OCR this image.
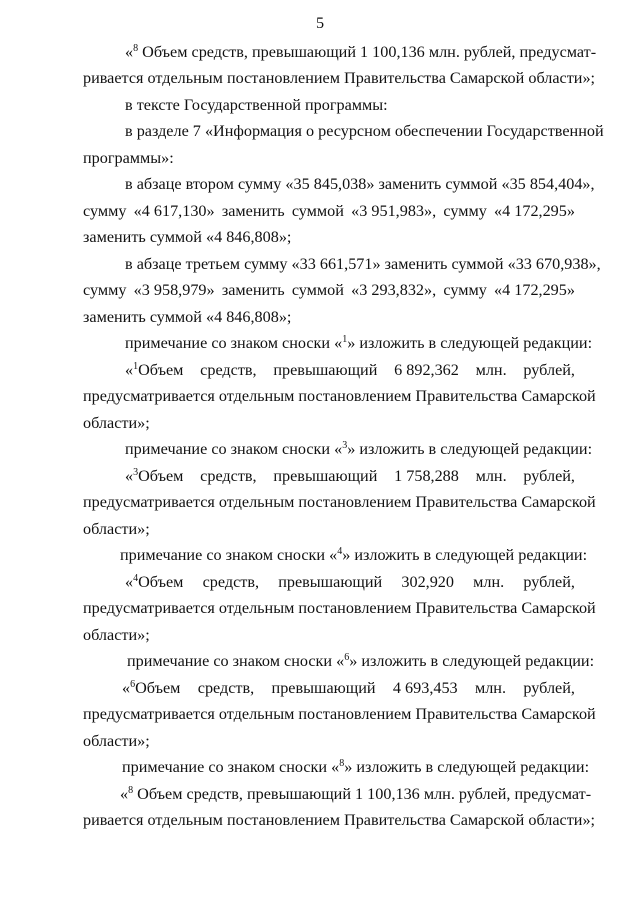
5
«$^8$ Объем средств, превышающий 1 100,136 млн. рублей, предусмат-
ривается отдельным постановлением Правительства Самарской области»;
в тексте Государственной программы:
в разделе 7 «Информация о ресурсном обеспечении Государственной
программы»:
в абзаце втором сумму «35 845,038» заменить суммой «35 854,404»,
сумму «4 617,130» заменить суммой «3 951,983», сумму «4 172,295»
заменить суммой «4 846,808»;
в абзаце третьем сумму «33 661,571» заменить суммой «33 670,938»,
сумму «3 958,979» заменить суммой «3 293,832», сумму «4 172,295»
заменить суммой «4 846,808»;
примечание со знаком сноски «$^1$» изложить в следующей редакции:
«$^1$Объем средств, превышающий 6 892,362 млн. рублей,
предусматривается отдельным постановлением Правительства Самарской
области»;
примечание со знаком сноски «$^3$» изложить в следующей редакции:
«$^3$Объем средств, превышающий 1 758,288 млн. рублей,
предусматривается отдельным постановлением Правительства Самарской
области»;
примечание со знаком сноски «$^4$» изложить в следующей редакции:
«$^4$Объем средств, превышающий 302,920 млн. рублей,
предусматривается отдельным постановлением Правительства Самарской
области»;
примечание со знаком сноски «$^6$» изложить в следующей редакции:
«$^6$Объем средств, превышающий 4 693,453 млн. рублей,
предусматривается отдельным постановлением Правительства Самарской
области»;
примечание со знаком сноски «$^8$» изложить в следующей редакции:
«$^8$ Объем средств, превышающий 1 100,136 млн. рублей, предусмат-
ривается отдельным постановлением Правительства Самарской области»;
